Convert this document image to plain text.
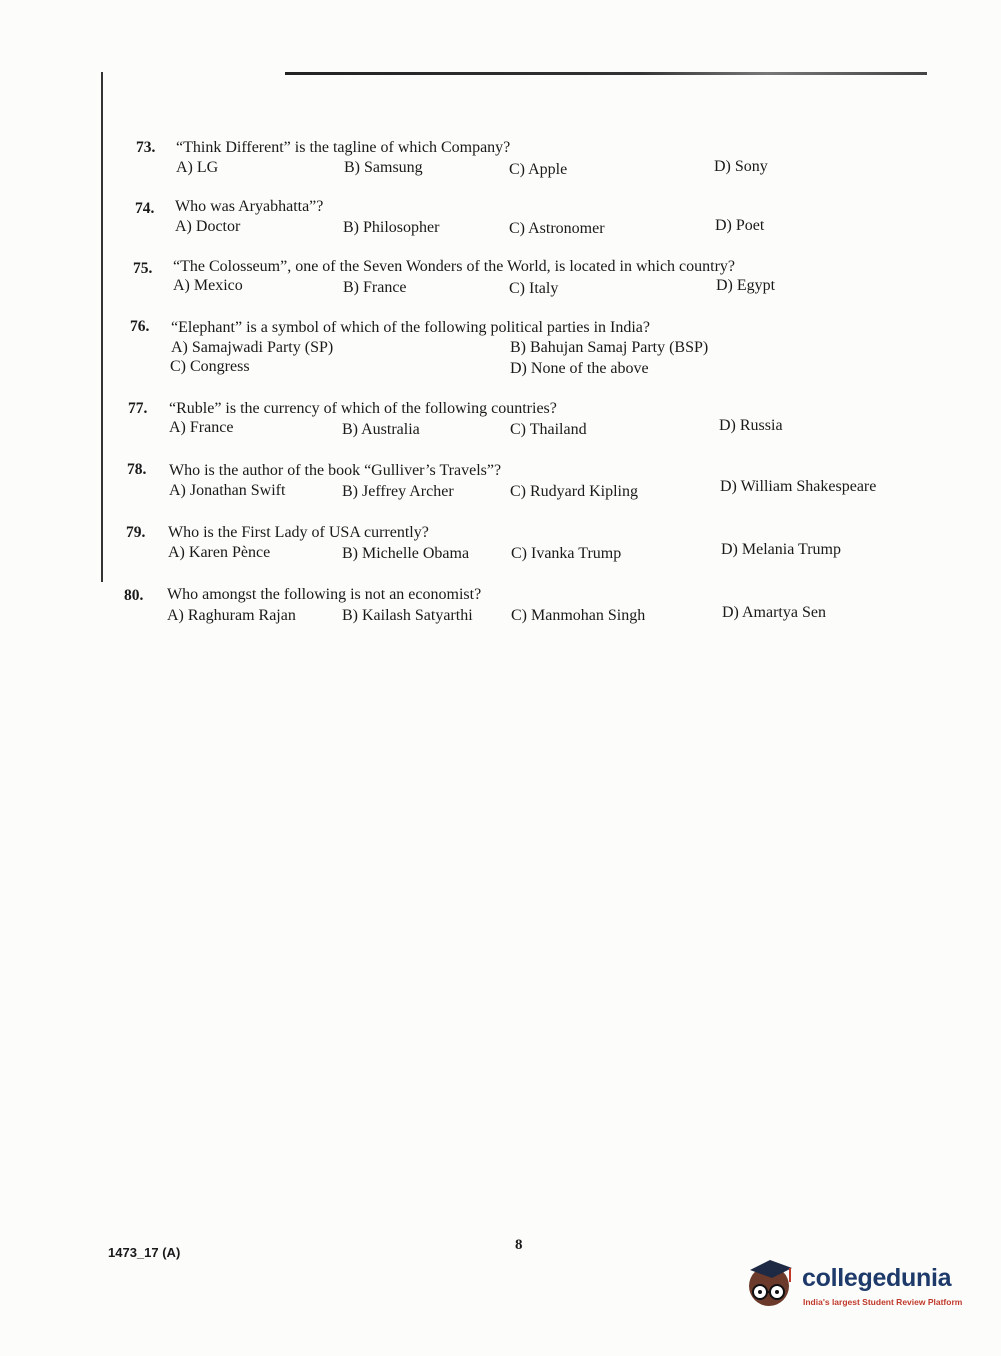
73. “Think Different” is the tagline of which Company?
A) LG	B) Samsung	C) Apple	D) Sony
74. Who was Aryabhatta”?
A) Doctor	B) Philosopher	C) Astronomer	D) Poet
75. “The Colosseum”, one of the Seven Wonders of the World, is located in which country?
A) Mexico	B) France	C) Italy	D) Egypt
76. “Elephant” is a symbol of which of the following political parties in India?
A) Samajwadi Party (SP)	B) Bahujan Samaj Party (BSP)
C) Congress	D) None of the above
77. “Ruble” is the currency of which of the following countries?
A) France	B) Australia	C) Thailand	D) Russia
78. Who is the author of the book “Gulliver’s Travels”?
A) Jonathan Swift	B) Jeffrey Archer	C) Rudyard Kipling	D) William Shakespeare
79. Who is the First Lady of USA currently?
A) Karen Pènce	B) Michelle Obama	C) Ivanka Trump	D) Melania Trump
80. Who amongst the following is not an economist?
A) Raghuram Rajan	B) Kailash Satyarthi C) Manmohan Singh	D) Amartya Sen
1473_17 (A)	8
collegedunia
India's largest Student Review Platform
